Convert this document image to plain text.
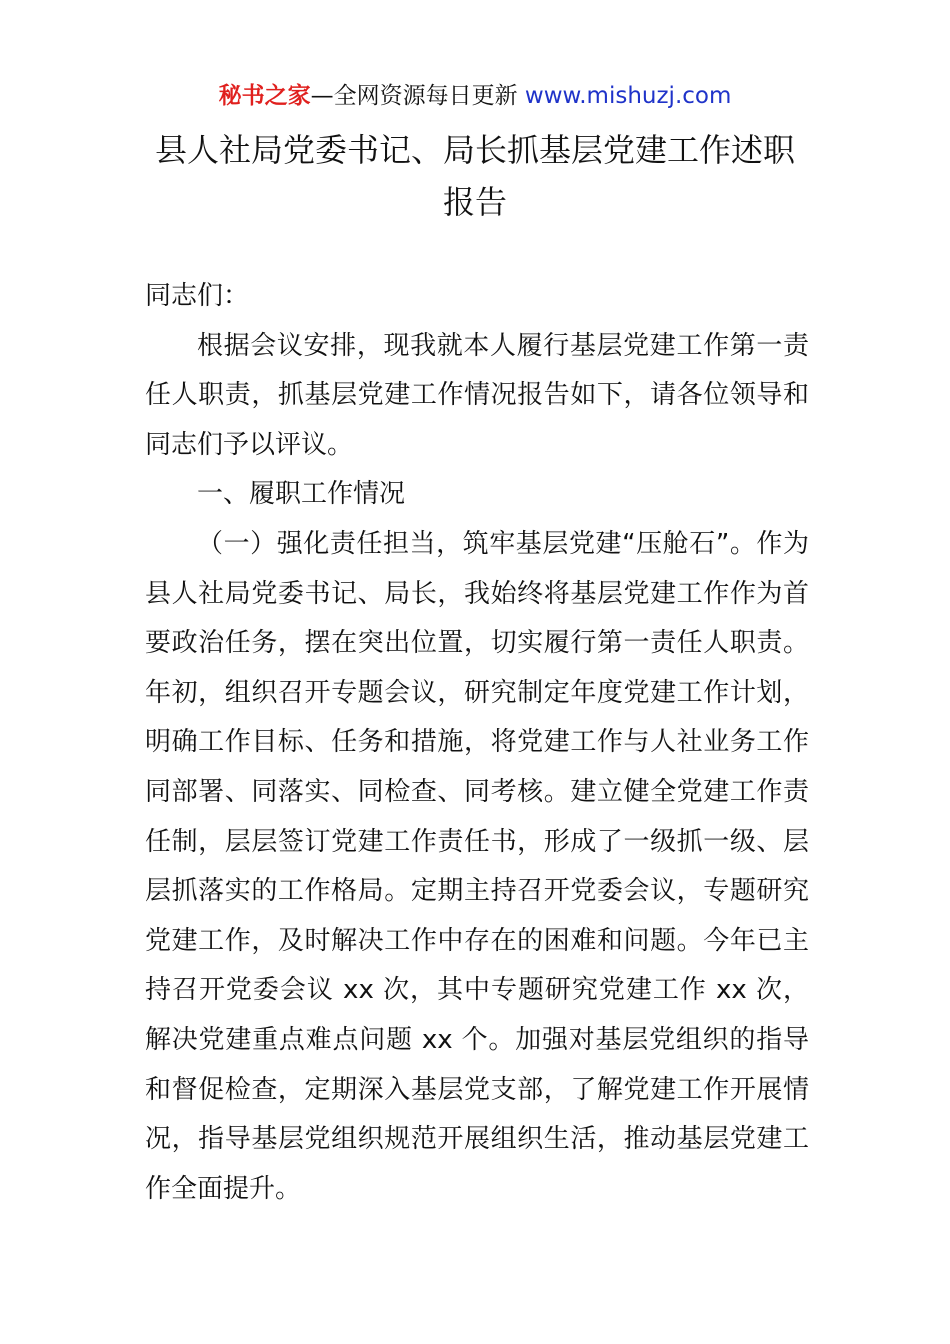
秘书之家—全网资源每日更新 www.mishuzj.com
县人社局党委书记、局长抓基层党建工作述职报告

同志们：

根据会议安排，现我就本人履行基层党建工作第一责任人职责，抓基层党建工作情况报告如下，请各位领导和同志们予以评议。

一、履职工作情况

（一）强化责任担当，筑牢基层党建“压舱石”。作为县人社局党委书记、局长，我始终将基层党建工作作为首要政治任务，摆在突出位置，切实履行第一责任人职责。年初，组织召开专题会议，研究制定年度党建工作计划，明确工作目标、任务和措施，将党建工作与人社业务工作同部署、同落实、同检查、同考核。建立健全党建工作责任制，层层签订党建工作责任书，形成了一级抓一级、层层抓落实的工作格局。定期主持召开党委会议，专题研究党建工作，及时解决工作中存在的困难和问题。今年已主持召开党委会议 xx 次，其中专题研究党建工作 xx 次，解决党建重点难点问题 xx 个。加强对基层党组织的指导和督促检查，定期深入基层党支部，了解党建工作开展情况，指导基层党组织规范开展组织生活，推动基层党建工作全面提升。
